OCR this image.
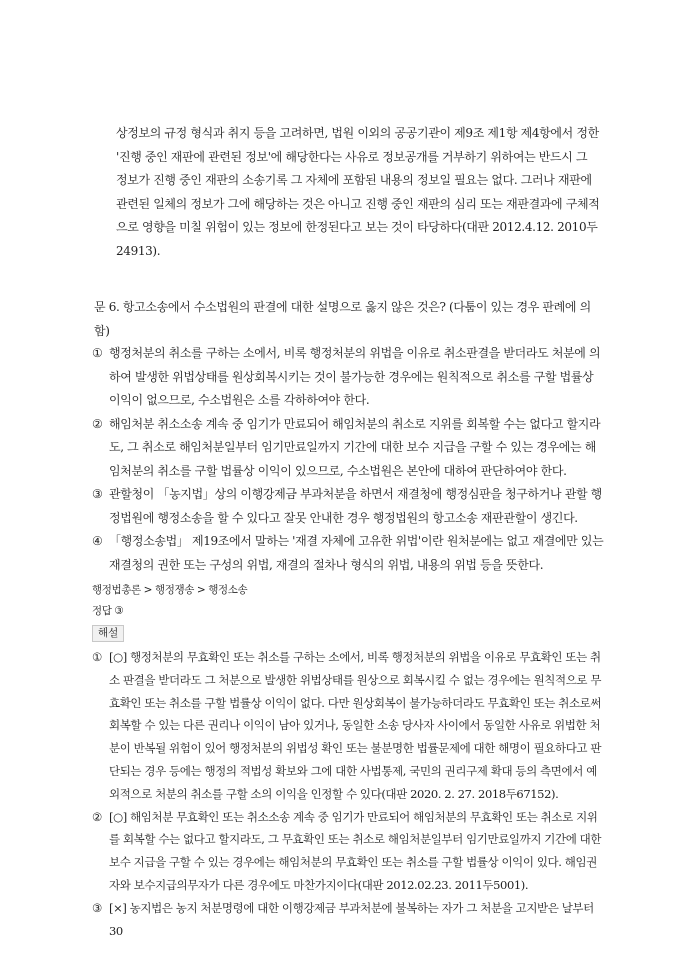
상정보의 규정 형식과 취지 등을 고려하면, 법원 이외의 공공기관이 제9조 제1항 제4항에서 정한 '진행 중인 재판에 관련된 정보'에 해당한다는 사유로 정보공개를 거부하기 위하여는 반드시 그 정보가 진행 중인 재판의 소송기록 그 자체에 포함된 내용의 정보일 필요는 없다. 그러나 재판에 관련된 일체의 정보가 그에 해당하는 것은 아니고 진행 중인 재판의 심리 또는 재판결과에 구체적으로 영향을 미칠 위험이 있는 정보에 한정된다고 보는 것이 타당하다(대판 2012.4.12. 2010두24913).
문 6. 항고소송에서 수소법원의 판결에 대한 설명으로 옳지 않은 것은? (다툼이 있는 경우 판례에 의함)
① 행정처분의 취소를 구하는 소에서, 비록 행정처분의 위법을 이유로 취소판결을 받더라도 처분에 의하여 발생한 위법상태를 원상회복시키는 것이 불가능한 경우에는 원칙적으로 취소를 구할 법률상 이익이 없으므로, 수소법원은 소를 각하하여야 한다.
② 해임처분 취소소송 계속 중 임기가 만료되어 해임처분의 취소로 지위를 회복할 수는 없다고 할지라도, 그 취소로 해임처분일부터 임기만료일까지 기간에 대한 보수 지급을 구할 수 있는 경우에는 해임처분의 취소를 구할 법률상 이익이 있으므로, 수소법원은 본안에 대하여 판단하여야 한다.
③ 관할청이 「농지법」상의 이행강제금 부과처분을 하면서 재결청에 행정심판을 청구하거나 관할 행정법원에 행정소송을 할 수 있다고 잘못 안내한 경우 행정법원의 항고소송 재판관할이 생긴다.
④ 「행정소송법」 제19조에서 말하는 '재결 자체에 고유한 위법'이란 원처분에는 없고 재결에만 있는 재결청의 권한 또는 구성의 위법, 재결의 절차나 형식의 위법, 내용의 위법 등을 뜻한다.
행정법총론 > 행정쟁송 > 행정소송
정답 ③
해설
① [○] 행정처분의 무효확인 또는 취소를 구하는 소에서, 비록 행정처분의 위법을 이유로 무효확인 또는 취소 판결을 받더라도 그 처분으로 발생한 위법상태를 원상으로 회복시킬 수 없는 경우에는 원칙적으로 무효확인 또는 취소를 구할 법률상 이익이 없다. 다만 원상회복이 불가능하더라도 무효확인 또는 취소로써 회복할 수 있는 다른 권리나 이익이 남아 있거나, 동일한 소송 당사자 사이에서 동일한 사유로 위법한 처분이 반복될 위험이 있어 행정처분의 위법성 확인 또는 불분명한 법률문제에 대한 해명이 필요하다고 판단되는 경우 등에는 행정의 적법성 확보와 그에 대한 사법통제, 국민의 권리구제 확대 등의 측면에서 예외적으로 처분의 취소를 구할 소의 이익을 인정할 수 있다(대판 2020. 2. 27. 2018두67152).
② [○] 해임처분 무효확인 또는 취소소송 계속 중 임기가 만료되어 해임처분의 무효확인 또는 취소로 지위를 회복할 수는 없다고 할지라도, 그 무효확인 또는 취소로 해임처분일부터 임기만료일까지 기간에 대한 보수 지급을 구할 수 있는 경우에는 해임처분의 무효확인 또는 취소를 구할 법률상 이익이 있다. 해임권자와 보수지급의무자가 다른 경우에도 마찬가지이다(대판 2012.02.23. 2011두5001).
③ [×] 농지법은 농지 처분명령에 대한 이행강제금 부과처분에 불복하는 자가 그 처분을 고지받은 날부터 30
